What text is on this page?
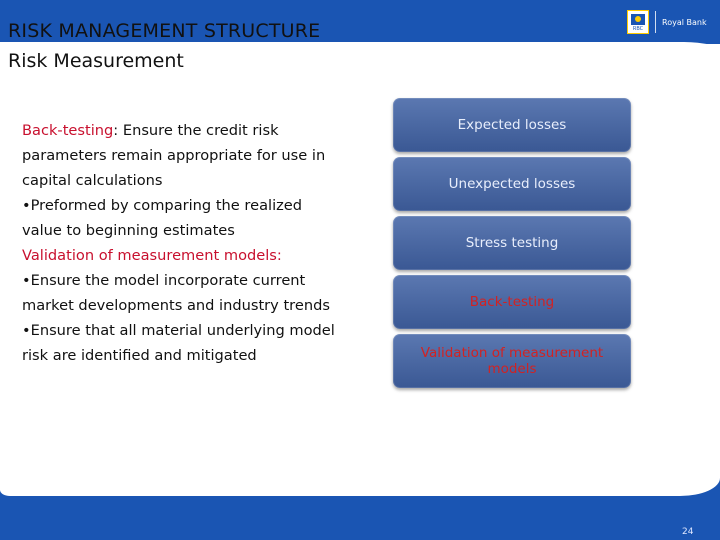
RISK MANAGEMENT STRUCTURE
Risk Measurement
RBC
Royal Bank
Back-testing: Ensure the credit risk
parameters remain appropriate for use in
capital calculations
•Preformed by comparing the realized
value to beginning estimates
Validation of measurement models:
•Ensure the model incorporate current
market developments and industry trends
•Ensure that all material underlying model
risk are identified and mitigated
Expected losses
Unexpected losses
Stress testing
Back-testing
Validation of measurement models
24
